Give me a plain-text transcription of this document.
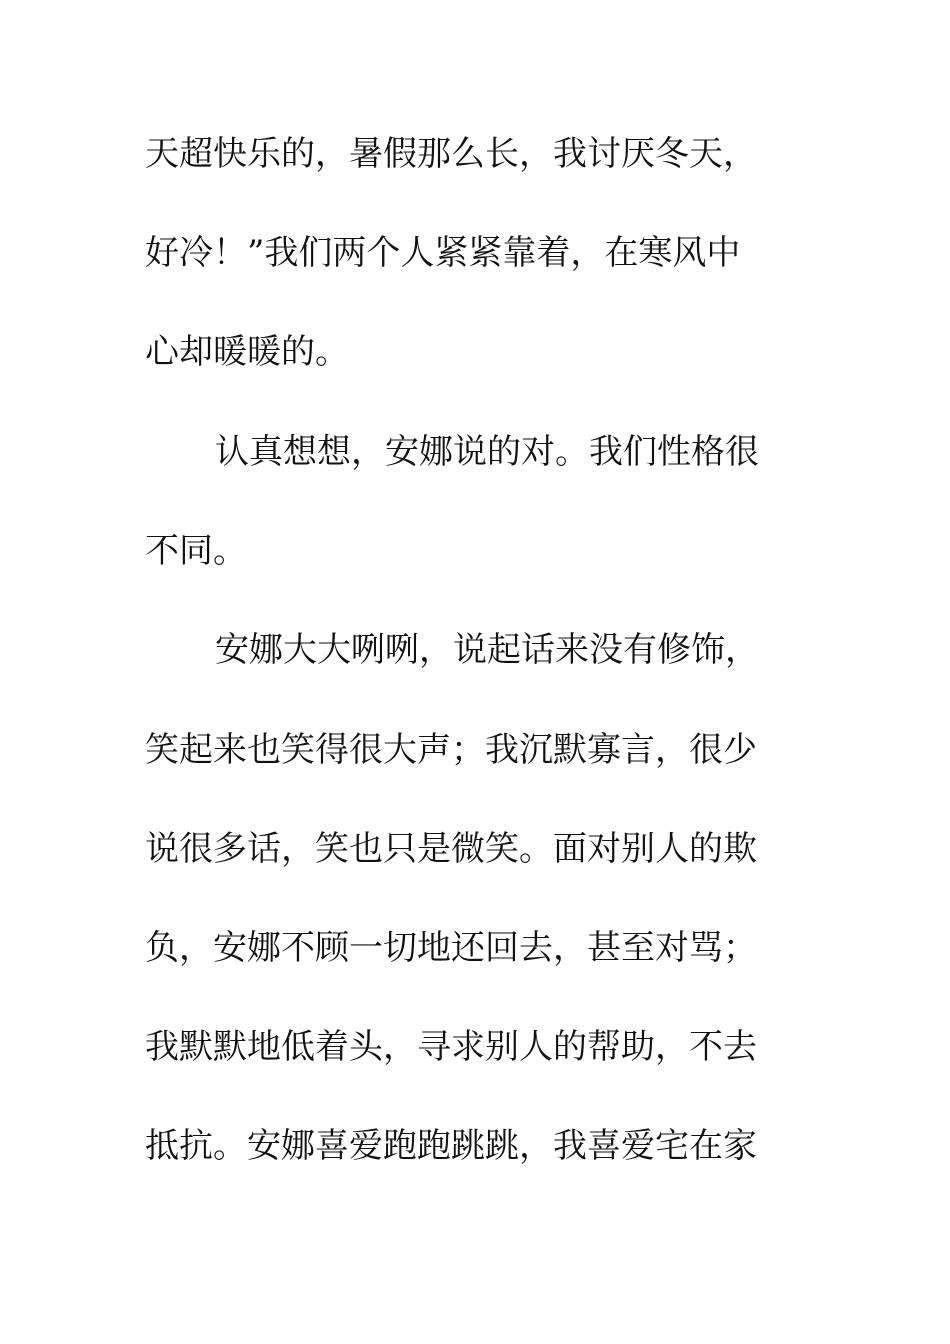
天超快乐的，暑假那么长，我讨厌冬天，
好冷！”我们两个人紧紧靠着，在寒风中
心却暖暖的。
认真想想，安娜说的对。我们性格很
不同。
安娜大大咧咧，说起话来没有修饰，
笑起来也笑得很大声；我沉默寡言，很少
说很多话，笑也只是微笑。面对别人的欺
负，安娜不顾一切地还回去，甚至对骂；
我默默地低着头，寻求别人的帮助，不去
抵抗。安娜喜爱跑跑跳跳，我喜爱宅在家
